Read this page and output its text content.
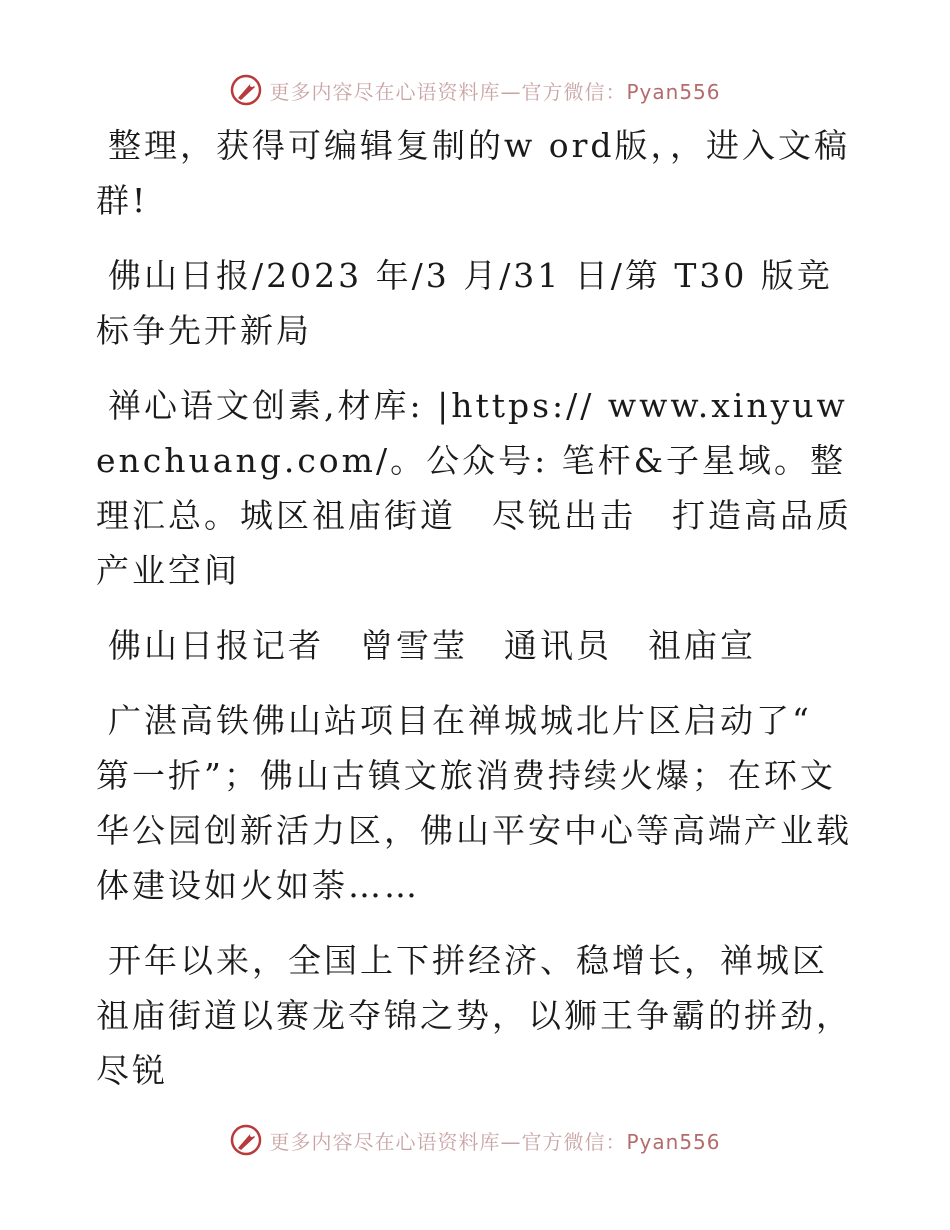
更多内容尽在心语资料库—官方微信：Pyan556

整理，获得可编辑复制的w ord版，，进入文稿群!

佛山日报/2023 年/3 月/31 日/第 T30 版竞标争先开新局

禅心语文创素,材库: |https:// www.xinyuwenchuang.com/。公众号: 笔杆&子星域。整理汇总。城区祖庙街道　尽锐出击　打造高品质产业空间

佛山日报记者　曾雪莹　通讯员　祖庙宣

广湛高铁佛山站项目在禅城城北片区启动了“ 第一折”；佛山古镇文旅消费持续火爆；在环文华公园创新活力区，佛山平安中心等高端产业载体建设如火如荼……

开年以来，全国上下拼经济、稳增长，禅城区祖庙街道以赛龙夺锦之势，以狮王争霸的拼劲，尽锐

更多内容尽在心语资料库—官方微信：Pyan556
